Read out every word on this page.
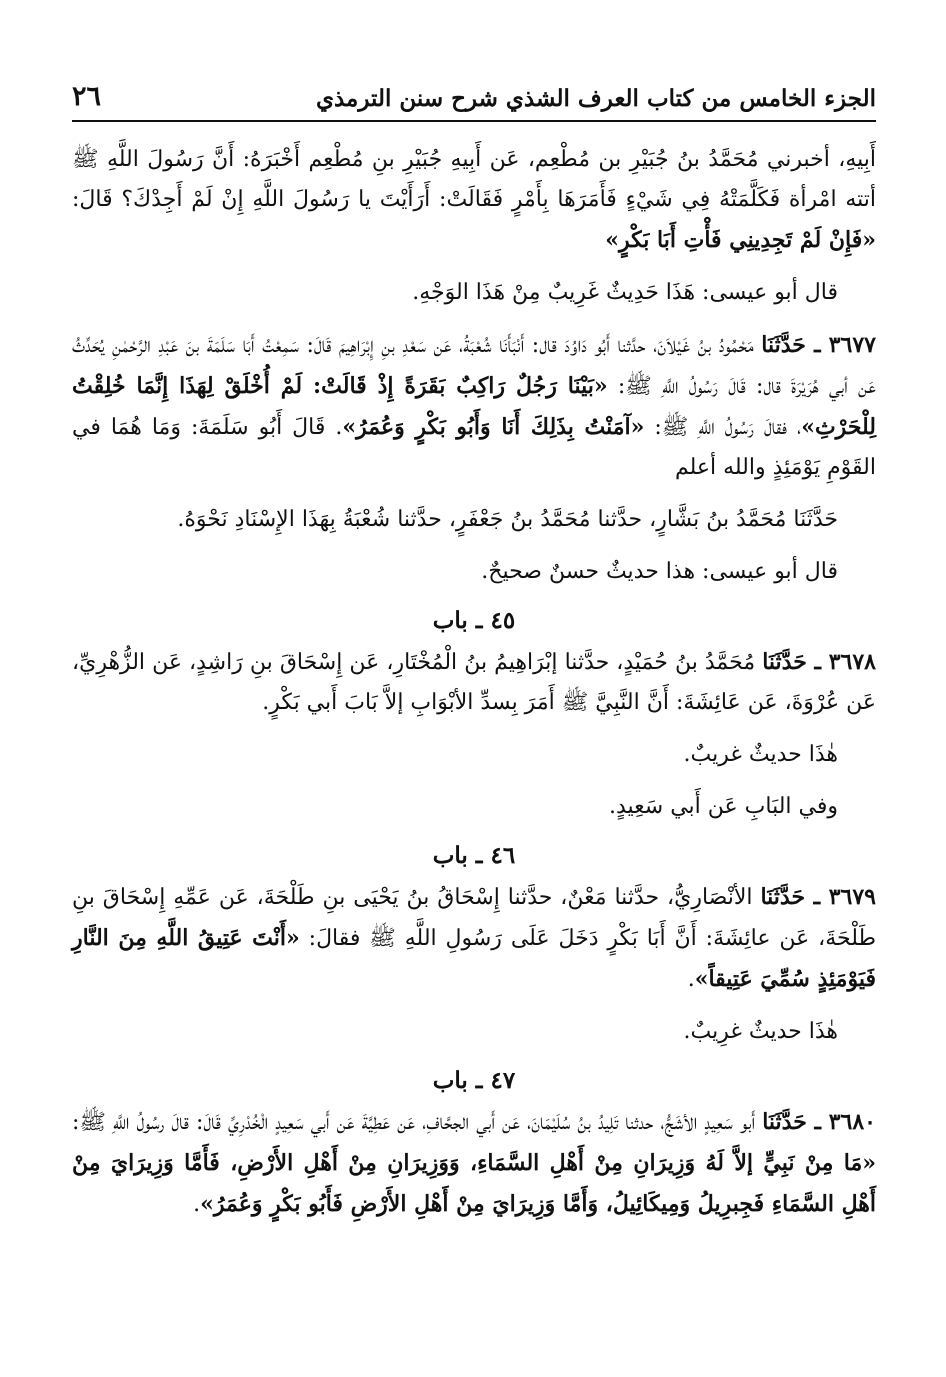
الجزء الخامس من كتاب العرف الشذي شرح سنن الترمذي
٢٦

أَبِيهِ، أخبرني مُحَمَّدُ بنُ جُبَيْرِ بن مُطْعِم، عَن أَبِيهِ جُبَيْرِ بنِ مُطْعِم أَخْبَرَهُ: أَنَّ رَسُولَ اللَّهِ ﷺ أتته امْرأة فَكَلَّمَتْهُ فِي شَيْءٍ فَأَمَرَهَا بِأَمْرٍ فَقَالَتْ: أَرَأَيْتَ يا رَسُولَ اللَّهِ إِنْ لَمْ أَجِدْكَ؟ قَالَ: «فَإِنْ لَمْ تَجِدِينِي فَأْتِ أَبَا بَكْرٍ»

قال أبو عيسى: هَذَا حَدِيثٌ غَرِيبٌ مِنْ هَذَا الوَجْهِ.

٣٦٧٧ ـ حَدَّثَنَا مَحْمُودُ بنُ غَيْلاَنَ، حدَّثنا أَبُو دَاوُدَ قال: أَنْبَأَنَا شُعْبَةُ، عَن سَعْدِ بنِ إِبْرَاهِيمَ قَالَ: سَمِعْتُ أَبَا سَلَمَةَ بنَ عَبْدِ الرَّحْمٰنِ يُحَدِّثُ عَن أبي هُرَيْرَةَ قال: قَالَ رَسُولُ اللَّهِ ﷺ: «بَيْنَا رَجُلٌ رَاكِبٌ بَقَرَةً إِذْ قَالَتْ: لَمْ أُخْلَقْ لِهَذَا إِنَّمَا خُلِقْتُ لِلْحَرْثِ»، فقالَ رَسُولُ اللَّهِ ﷺ: «آمَنْتُ بِذَلِكَ أَنَا وَأَبُو بَكْرٍ وَعُمَرُ». قَالَ أَبُو سَلَمَةَ: وَمَا هُمَا في القَوْمِ يَوْمَئِذٍ والله أعلم

حَدَّثَنَا مُحَمَّدُ بنُ بَشَّارٍ، حدَّثنا مُحَمَّدُ بنُ جَعْفَرٍ، حدَّثنا شُعْبَةُ بِهَذَا الإِسْنَادِ نَحْوَهُ.

قال أبو عيسى: هذا حديثٌ حسنٌ صحيحٌ.

٤٥ ـ باب

٣٦٧٨ ـ حَدَّثَنَا مُحَمَّدُ بنُ حُمَيْدٍ، حدَّثنا إبْرَاهِيمُ بنُ الْمُخْتَارِ، عَن إِسْحَاقَ بنِ رَاشِدٍ، عَن الزُّهْرِيِّ، عَن عُرْوَةَ، عَن عَائِشَةَ: أَنَّ النَّبِيَّ ﷺ أَمَرَ بِسدِّ الأبْوَابِ إلاَّ بَابَ أَبي بَكْرٍ.

هٰذَا حديثٌ غريبٌ.

وفي البَابِ عَن أَبي سَعِيدٍ.

٤٦ ـ باب

٣٦٧٩ ـ حَدَّثَنَا الأنْصَارِيُّ، حدَّثنا مَعْنٌ، حدَّثنا إِسْحَاقُ بنُ يَحْيَى بنِ طَلْحَةَ، عَن عَمِّهِ إِسْحَاقَ بنِ طَلْحَةَ، عَن عائِشَةَ: أَنَّ أَبَا بَكْرٍ دَخَلَ عَلَى رَسُولِ اللَّهِ ﷺ فقالَ: «أَنْتَ عَتِيقُ اللَّهِ مِنَ النَّارِ فَيَوْمَئِذٍ سُمِّيَ عَتِيقاً».

هٰذَا حديثٌ غرِيبٌ.

٤٧ ـ باب

٣٦٨٠ ـ حَدَّثَنَا أَبو سَعِيدٍ الأشَجُّ، حدثنا تَلِيدُ بنُ سُلَيْمَانَ، عَن أَبي الجحَّافِ، عَن عَطِيَّةَ عَن أَبي سَعِيدٍ الْخُدْرِيِّ قَالَ: قالَ رسُولُ اللَّهِ ﷺ: «مَا مِنْ نَبِيٍّ إلاَّ لَهُ وَزِيرَانِ مِنْ أَهْلِ السَّمَاءِ، وَوَزِيرَانِ مِنْ أَهْلِ الأَرْضِ، فَأَمَّا وَزِيرَايَ مِنْ أَهْلِ السَّمَاءِ فَجِبرِيلُ وَمِيكَائِيلُ، وَأَمَّا وَزِيرَايَ مِنْ أَهْلِ الأَرْضِ فَأَبُو بَكْرٍ وَعُمَرُ».
